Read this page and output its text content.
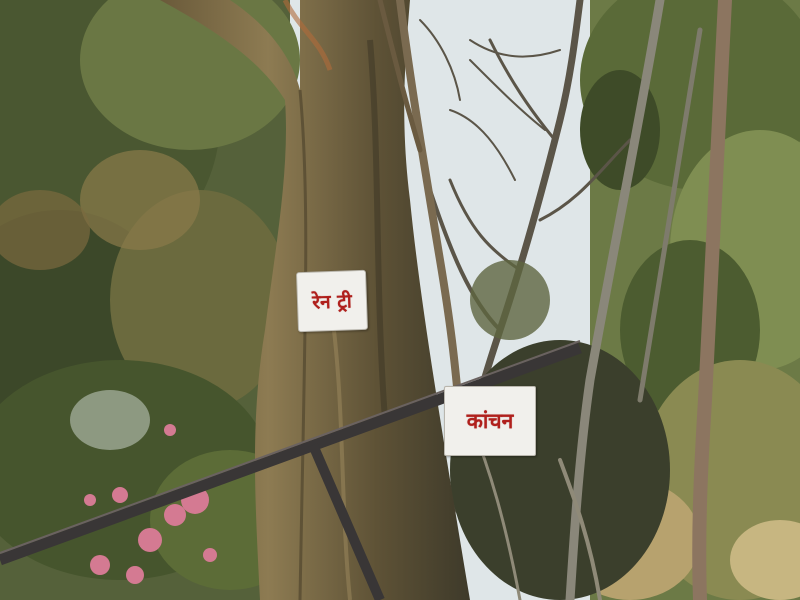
रेन ट्री
कांचन
